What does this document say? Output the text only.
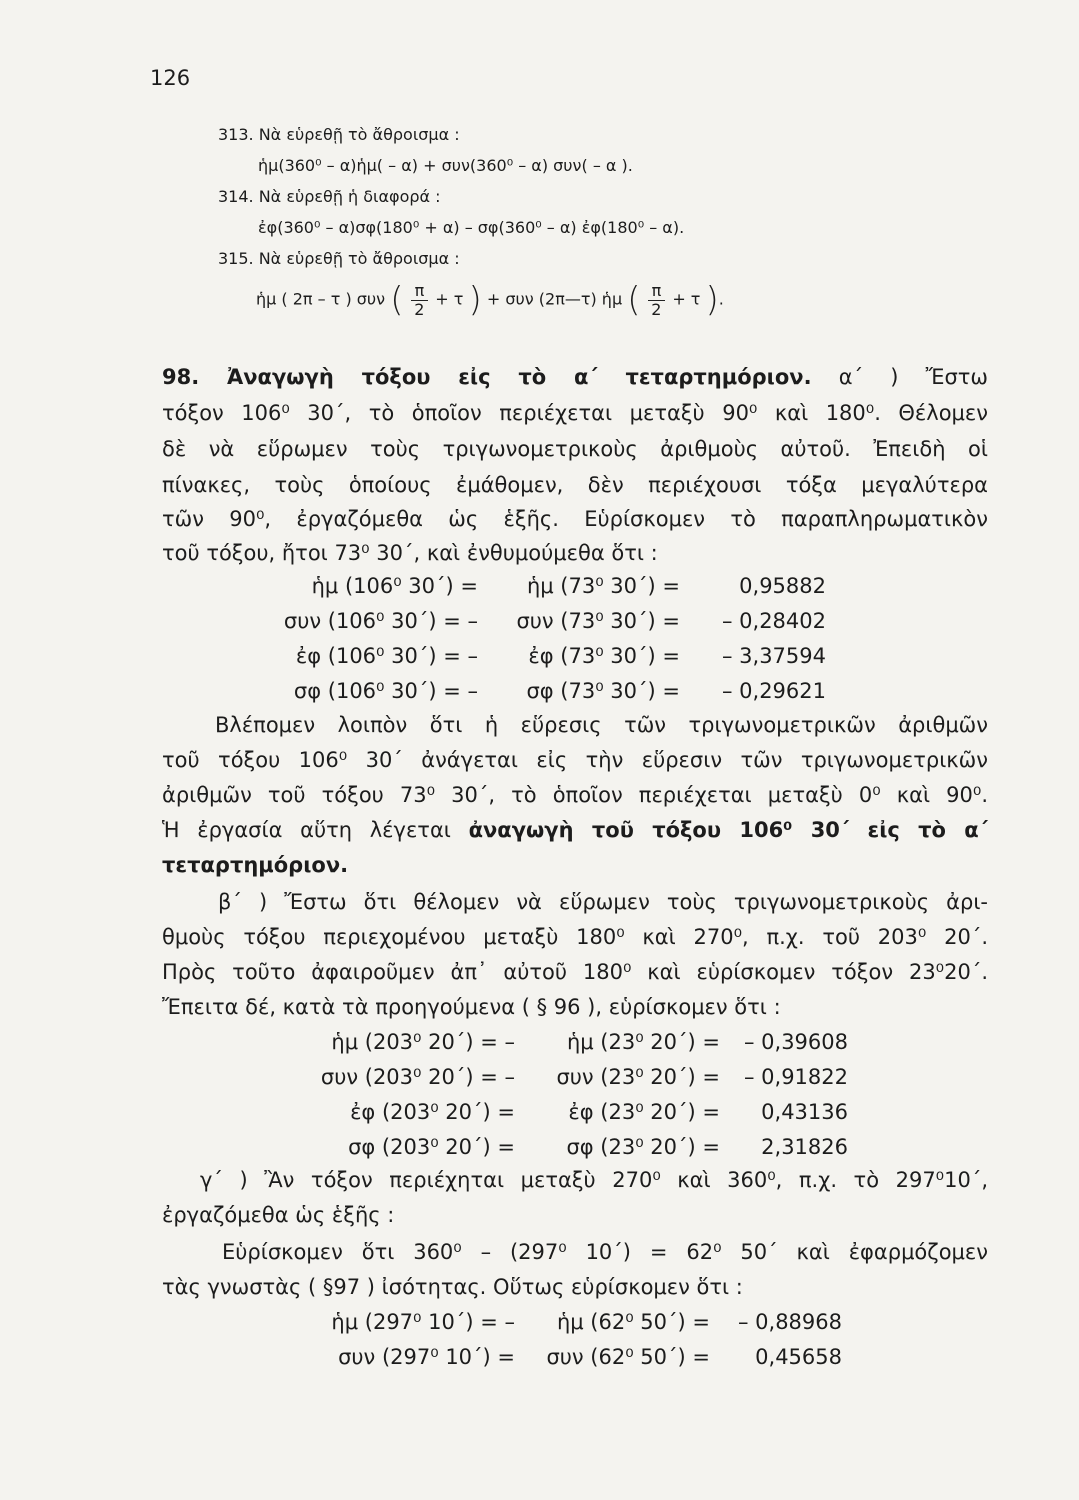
126
313. Νὰ εὑρεθῇ τὸ ἄθροισμα :
ἡμ(360⁰ – α)ἡμ( – α) + συν(360⁰ – α) συν( – α ).
314. Νὰ εὑρεθῇ ἡ διαφορά :
ἐφ(360⁰ – α)σφ(180⁰ + α) – σφ(360⁰ – α) ἐφ(180⁰ – α).
315. Νὰ εὑρεθῇ τὸ ἄθροισμα :
ἡμ ( 2π – τ ) συν ( $\frac{\pi}{2} + \tau$ ) + συν (2π—τ) ἡμ ( $\frac{\pi}{2} + \tau$ ).
98. Ἀναγωγὴ τόξου εἰς τὸ α΄ τεταρτημόριον. α΄ ) Ἔστω
τόξον 106⁰ 30΄, τὸ ὁποῖον περιέχεται μεταξὺ 90⁰ καὶ 180⁰. Θέλομεν
δὲ νὰ εὕρωμεν τοὺς τριγωνομετρικοὺς ἀριθμοὺς αὐτοῦ. Ἐπειδὴ οἱ
πίνακες, τοὺς ὁποίους ἐμάθομεν, δὲν περιέχουσι τόξα μεγαλύτερα
τῶν 90⁰, ἐργαζόμεθα ὡς ἑξῆς. Εὑρίσκομεν τὸ παραπληρωματικὸν
τοῦ τόξου, ἤτοι 73⁰ 30΄, καὶ ἐνθυμούμεθα ὅτι :
ἡμ (106⁰ 30΄) = ἡμ (73⁰ 30΄) =	0,95882
συν (106⁰ 30΄) = – συν (73⁰ 30΄) = – 0,28402
ἐφ (106⁰ 30΄) = – ἐφ (73⁰ 30΄) = – 3,37594
σφ (106⁰ 30΄) = – σφ (73⁰ 30΄) = – 0,29621
Βλέπομεν λοιπὸν ὅτι ἡ εὕρεσις τῶν τριγωνομετρικῶν ἀριθμῶν
τοῦ τόξου 106⁰ 30΄ ἀνάγεται εἰς τὴν εὕρεσιν τῶν τριγωνομετρικῶν
ἀριθμῶν τοῦ τόξου 73⁰ 30΄, τὸ ὁποῖον περιέχεται μεταξὺ 0⁰ καὶ 90⁰.
Ἡ ἐργασία αὕτη λέγεται ἀναγωγὴ τοῦ τόξου 106⁰ 30΄ εἰς τὸ α΄
τεταρτημόριον.
β΄ ) Ἔστω ὅτι θέλομεν νὰ εὕρωμεν τοὺς τριγωνομετρικοὺς ἀρι-
θμοὺς τόξου περιεχομένου μεταξὺ 180⁰ καὶ 270⁰, π.χ. τοῦ 203⁰ 20΄.
Πρὸς τοῦτο ἀφαιροῦμεν ἀπ᾿ αὐτοῦ 180⁰ καὶ εὑρίσκομεν τόξον 23⁰20΄.
Ἔπειτα δέ, κατὰ τὰ προηγούμενα ( § 96 ), εὑρίσκομεν ὅτι :
ἡμ (203⁰ 20΄) = – ἡμ (23⁰ 20΄) = – 0,39608
συν (203⁰ 20΄) = – συν (23⁰ 20΄) = – 0,91822
ἐφ (203⁰ 20΄) =	ἐφ (23⁰ 20΄) = 0,43136
σφ (203⁰ 20΄) = σφ (23⁰ 20΄) = 2,31826
γ΄ ) Ἂν τόξον περιέχηται μεταξὺ 270⁰ καὶ 360⁰, π.χ. τὸ 297⁰10΄,
ἐργαζόμεθα ὡς ἑξῆς :
Εὑρίσκομεν ὅτι 360⁰ – (297⁰ 10΄) = 62⁰ 50΄ καὶ ἐφαρμόζομεν
τὰς γνωστὰς ( §97 ) ἰσότητας. Οὕτως εὑρίσκομεν ὅτι :
ἡμ (297⁰ 10΄) = – ἡμ (62⁰ 50΄) = – 0,88968
συν (297⁰ 10΄) = συν (62⁰ 50΄) = 0,45658
